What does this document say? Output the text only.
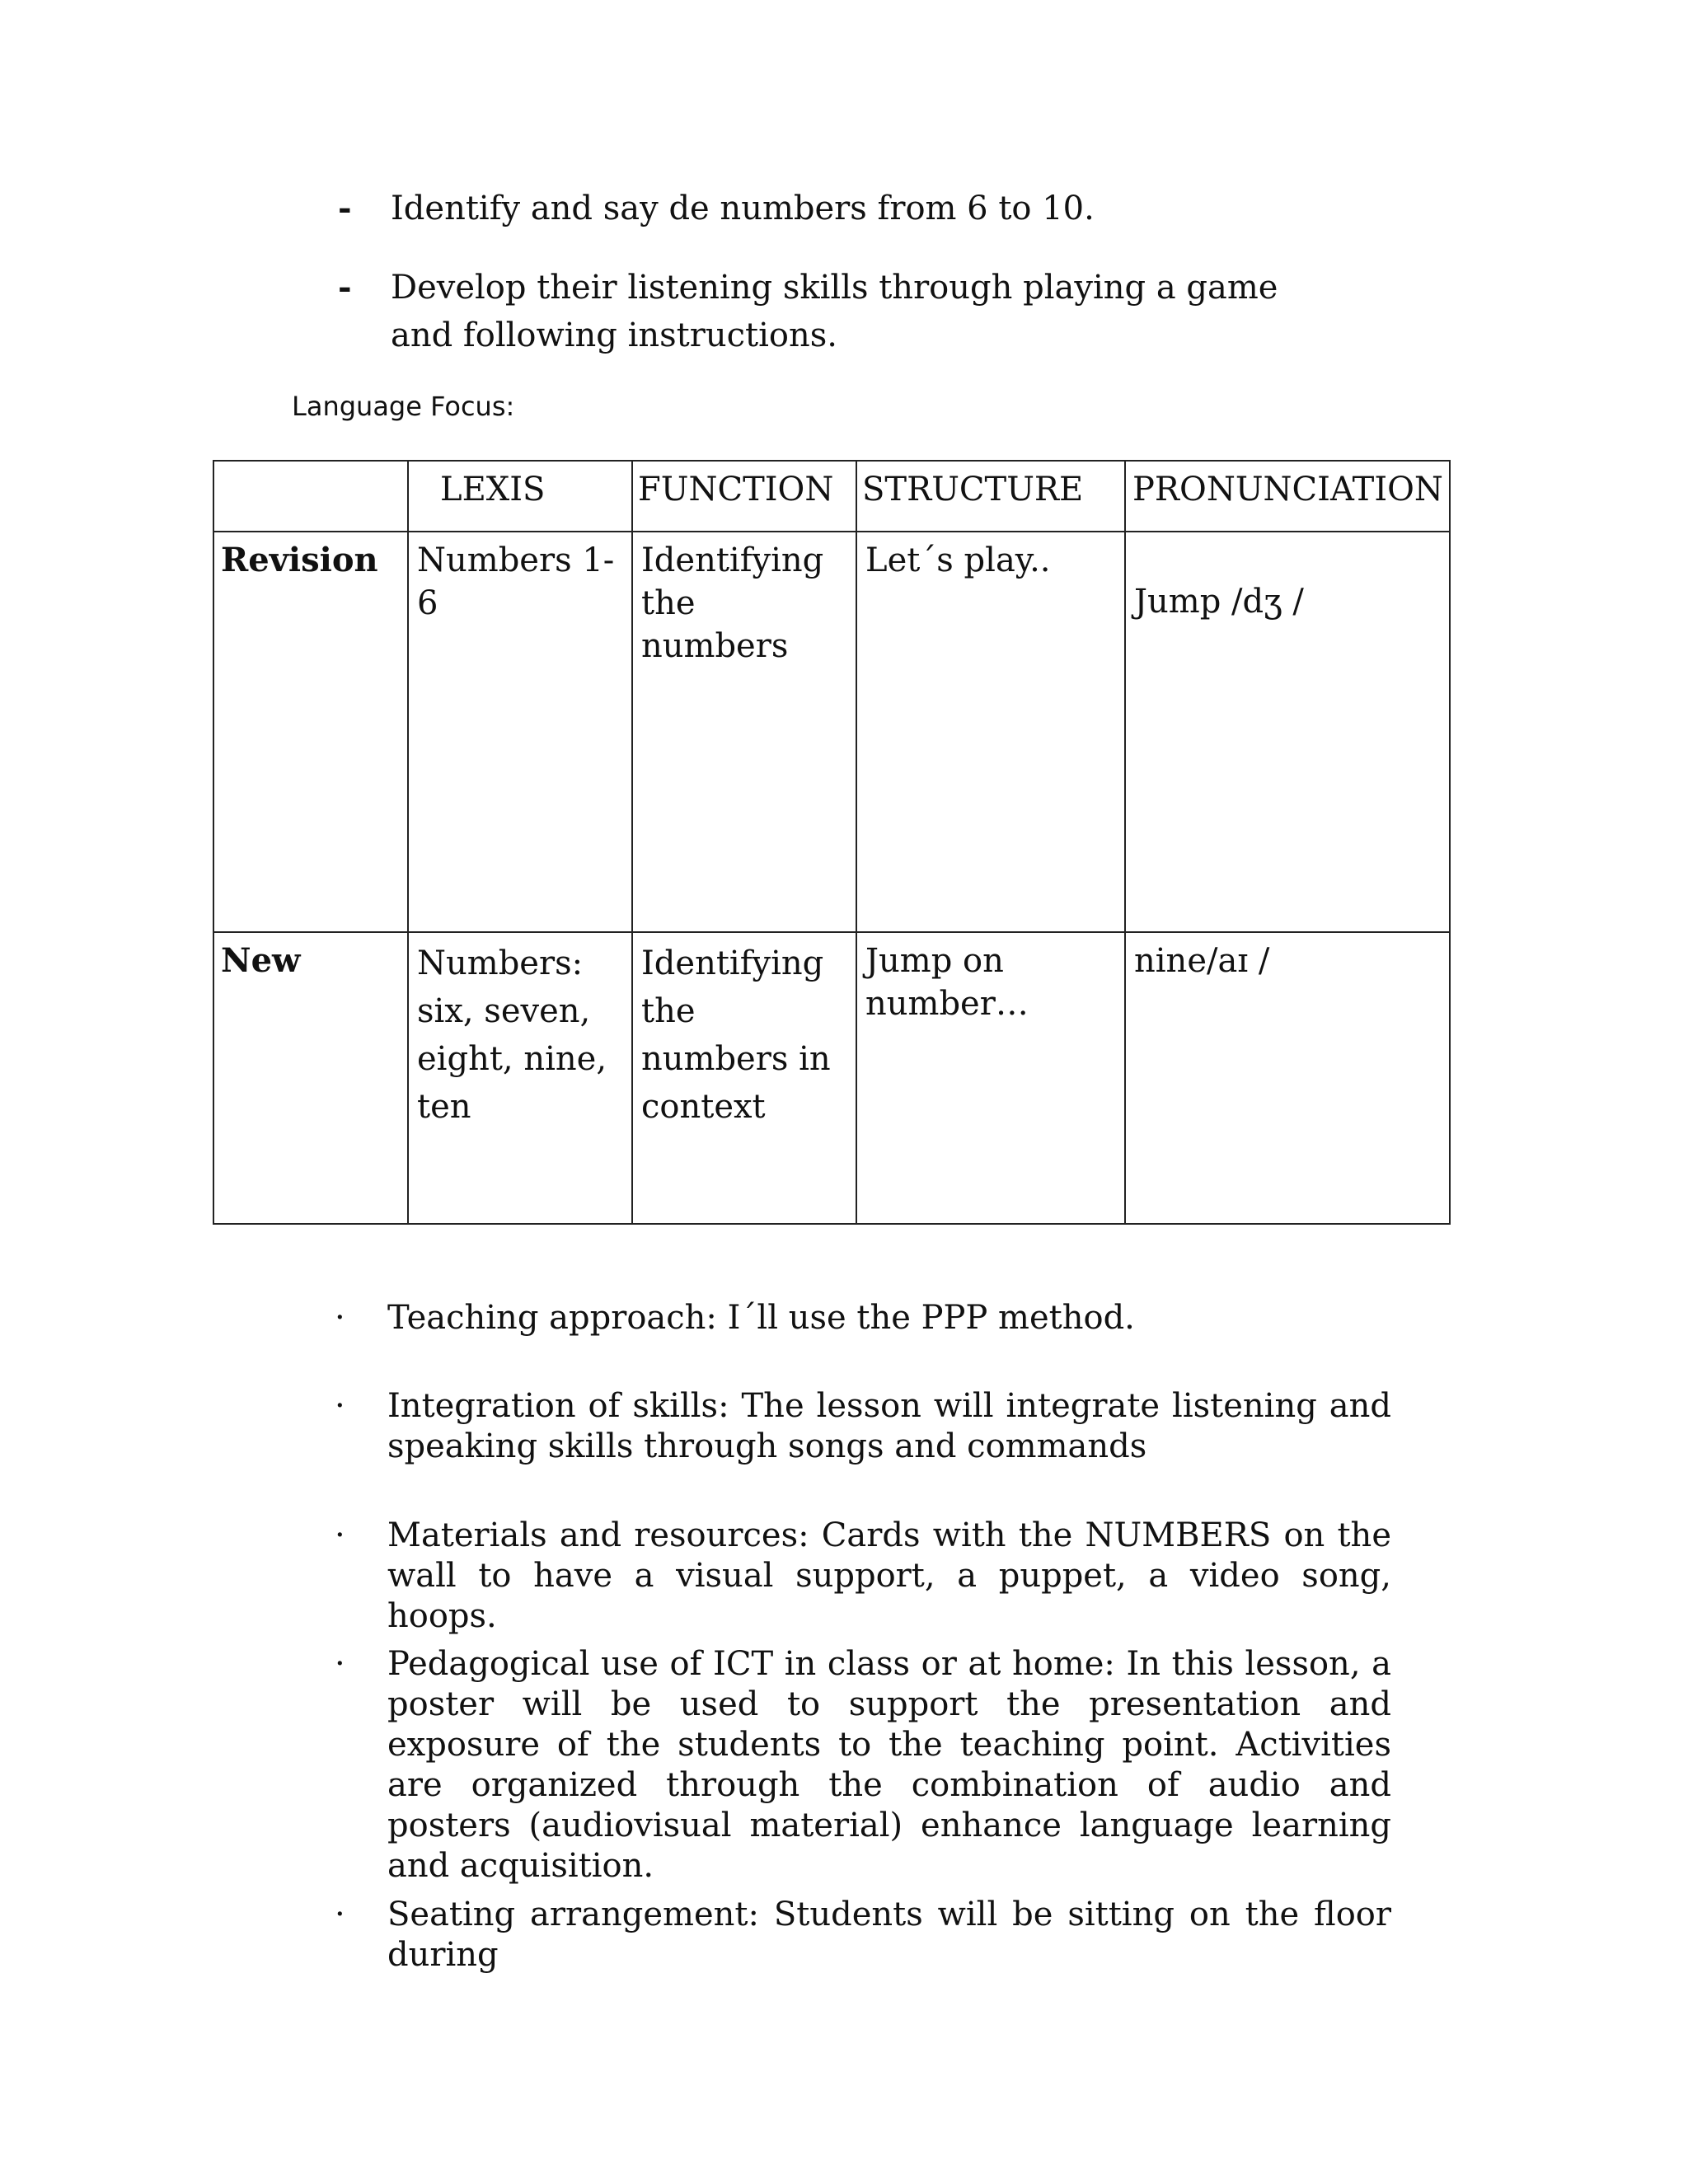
- Identify and say de numbers from 6 to 10.
- Develop their listening skills through playing a game and following instructions.
Language Focus:

	LEXIS	FUNCTION	STRUCTURE	PRONUNCIATION

Revision	Numbers 1-6	Identifying the numbers	Let´s play..	Jump /dʒ /

New	Numbers: six, seven, eight, nine, ten	Identifying the numbers in context	Jump on number…	nine/aɪ /
· Teaching approach: I´ll use the PPP method.
· Integration of skills: The lesson will integrate listening and speaking skills through songs and commands
· Materials and resources: Cards with the NUMBERS on the wall to have a visual support, a puppet, a video song, hoops.
· Pedagogical use of ICT in class or at home: In this lesson, a poster will be used to support the presentation and exposure of the students to the teaching point. Activities are organized through the combination of audio and posters (audiovisual material) enhance language learning and acquisition.
· Seating arrangement: Students will be sitting on the floor during
